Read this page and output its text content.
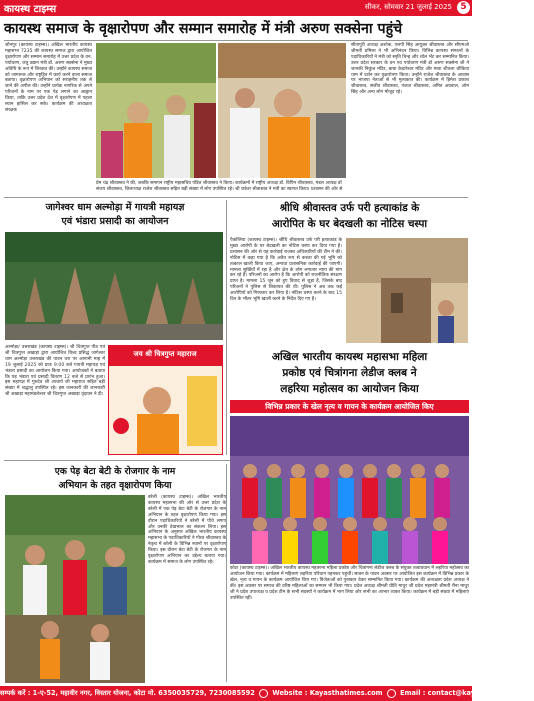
कायस्थ टाइम्स	सीकर, सोमवार 21 जुलाई 2025 5
कायस्थ समाज के वृक्षारोपण और सम्मान समारोह में मंत्री अरुण सक्सेना पहुंचे
जौनपुर (कायस्थ टाइम्स)। अखिल भारतीय कायस्थ महासभा 7235 की कायस्थ समाज द्वारा आयोजित वृक्षारोपण और सम्मान समारोह में उत्तर प्रदेश के वन, पर्यावरण, जंतु उद्यान मंत्री डॉ. अरुण सक्सेना ने मुख्य अतिथि के रूप में शिरकत की। उन्होंने कायस्थ समाज को जागरूक और राष्ट्रहित में कार्य करने वाला समाज बताया। वृक्षारोपण अभियान को सराहनीय तक ले जाने की अपील की। उन्होंने प्रत्येक नागरिक से अपने परिजनों के नाम पर एक पेड़ लगाने का आह्वान किया, ताकि उत्तर प्रदेश देश में वृक्षारोपण में पहला स्थान हासिल कर सके। कार्यक्रम की अध्यक्षता संरक्षक
प्रेम चंद्र श्रीवास्तव ने की, जबकि समापन राष्ट्रीय महासचिव पंडित श्रीवास्तव ने किया। कार्यक्रमों में राष्ट्रीय अध्यक्ष डॉ. विपिन श्रीवास्तव, मंडल अध्यक्ष डॉ संजय श्रीवास्तव, जिलाध्यक्ष राजेश श्रीवास्तव सहित बड़ी संख्या में लोग उपस्थित रहे। श्री राकेश श्रीवास्तव ने मंत्री का स्वागत किया। प्रशासन की ओर से
सीतापुरी अध्यक्ष अशोक, एलपी सिंह आयुक्त श्रीवास्तव और सीएमओ श्रीमती प्रमिला ने भी अभिनंदन किया। विभिन्न कायस्थ संगठनों के पदाधिकारियों ने मंत्री को स्मृति चिन्ह और शॉल भेंट कर सम्मानित किया। उत्तर प्रदेश सरकार के वन एवं पर्यावरण मंत्री डॉ अरुण सक्सेना जी ने जानकी निकुंज मंदिर, बाबा केदारेश्वर मंदिर और माता शीतला चौकिया धाम में दर्शन कर वृक्षारोपण किया। उन्होंने राजेश श्रीवास्तव के आवास पर भाजपा नेताओं से भी मुलाकात की। कार्यक्रम में हिमेश प्रकाश श्रीवास्तव, संजीव श्रीवास्तव, पंकज श्रीवास्तव, अमित अग्रवाल, ओम सिंह और अन्य लोग मौजूद रहे।
जागेश्वर धाम अल्मोड़ा में गायत्री महायज्ञ
एवं भंडारा प्रसादी का आयोजन
अल्मोड़ा/ उत्तराखंड (कायस्थ टाइम्स)। श्री चित्रगुप्त पीठ एवं श्री चित्रगुप्त अखाड़ा द्वारा आयोजित विश्व प्रसिद्ध जागेश्वर धाम अल्मोड़ा उत्तराखंड की पावन धरा पर आगामी माह में 19 जुलाई 2025 को प्रातः 9:00 बजे गायत्री महायज्ञ एवं भंडारा प्रसादी का आयोजन किया गया। आयोजकों ने बताया कि यह भंडारा एवं प्रसादी वितरण 12 बजे से प्रारंभ हुआ। इस महायज्ञ में गुरुदेव श्री आचार्य जी महाराज सहित बड़ी संख्या में श्रद्धालु उपस्थित रहे। इस जानकारी की जानकारी श्री अखाड़ा महामंडलेश्वर श्री चित्रगुप्त अखाड़ा वृंदावन ने दी।
जय श्री चित्रगुप्त महाराज
श्रीधि श्रीवास्तव उर्फ परी हत्याकांड के
आरोपित के घर बेदखली का नोटिस चस्पा
पैकोलिया (कायस्थ टाइम्स)। श्रीधि श्रीवास्तव उर्फ परी हत्याकांड के मुख्य आरोपी के घर बेदखली का नोटिस चस्पा कर दिया गया है। प्रशासन की ओर से यह कार्रवाई राजस्व अधिकारियों की टीम ने की। नोटिस में कहा गया है कि अवैध रूप से कब्जा की गई भूमि को तत्काल खाली किया जाए, अन्यथा प्रशासनिक कार्रवाई की जाएगी। मामला सुर्खियों में रहा है और क्षेत्र के लोग लगातार न्याय की मांग कर रहे हैं। परिजनों का आरोप है कि आरोपी को राजनीतिक संरक्षण प्राप्त है। मामला 15 जून को हुए विवाद से जुड़ा है, जिसके बाद परिजनों ने पुलिस से शिकायत की थी। पुलिस ने अब तक कई आरोपियों को गिरफ्तार कर लिया है। नोटिस चस्पा करने के बाद 15 दिन के भीतर भूमि खाली करने के निर्देश दिए गए हैं।
अखिल भारतीय कायस्थ महासभा महिला
प्रकोष्ठ एवं चित्रांगना लेडीज क्लब ने
लहरिया महोत्सव का आयोजन किया
विभिन्न प्रकार के खेल नृत्य व गायन के कार्यक्रम आयोजित किए
कोटा (कायस्थ टाइम्स)। अखिल भारतीय कायस्थ महासभा महिला प्रकोष्ठ और चित्रांगना लेडीज क्लब के संयुक्त तत्वावधान में लहरिया महोत्सव का आयोजन किया गया। कार्यक्रम में महिलाएं लहरिया परिधान पहनकर पहुंचीं। सावन के पावन अवसर पर आयोजित इस कार्यक्रम में विभिन्न प्रकार के खेल, नृत्य व गायन के कार्यक्रम आयोजित किए गए। विजेताओं को पुरस्कार देकर सम्मानित किया गया। कार्यक्रम की अध्यक्षता प्रदेश अध्यक्ष ने की। इस अवसर पर समाज की वरिष्ठ महिलाओं का सम्मान भी किया गया। प्रदेश अध्यक्ष श्रीमती प्रीति माथुर जी प्रदेश महामंत्री श्रीमती रीना माथुर जी ने प्रदेश उपाध्यक्ष व प्रदेश टीम के सभी सदस्यों ने कार्यक्रम में भाग लिया और सभी का आभार व्यक्त किया। कार्यक्रम में बड़ी संख्या में महिलाएं उपस्थित रहीं।
एक पेड़ बेटा बेटी के रोजगार के नाम
अभियान के तहत वृक्षारोपण किया
बरेली (कायस्थ टाइम्स)। अखिल भारतीय कायस्थ महासभा की ओर से उत्तर प्रदेश के बरेली में एक पेड़ बेटा बेटी के रोजगार के नाम अभियान के तहत वृक्षारोपण किया गया। इस दौरान पदाधिकारियों ने बरेली में पौधे लगाए और उनकी देखभाल का संकल्प लिया। इस अभियान के अनुसार अखिल भारतीय कायस्थ महासभा के पदाधिकारियों ने गौरव श्रीवास्तव के नेतृत्व में बरेली के विभिन्न स्थानों पर वृक्षारोपण किया। इस दौरान बेटा बेटी के रोजगार के नाम वृक्षारोपण अभियान का उद्देश्य बताया गया। कार्यक्रम में समाज के लोग उपस्थित रहे।
सम्पर्क करें : 1-ए-52, महावीर नगर, विस्तार योजना, कोटा मो. 6350035729, 7230085592	Website : Kayasthatimes.com	Email : contact@kayasthatimes.com
